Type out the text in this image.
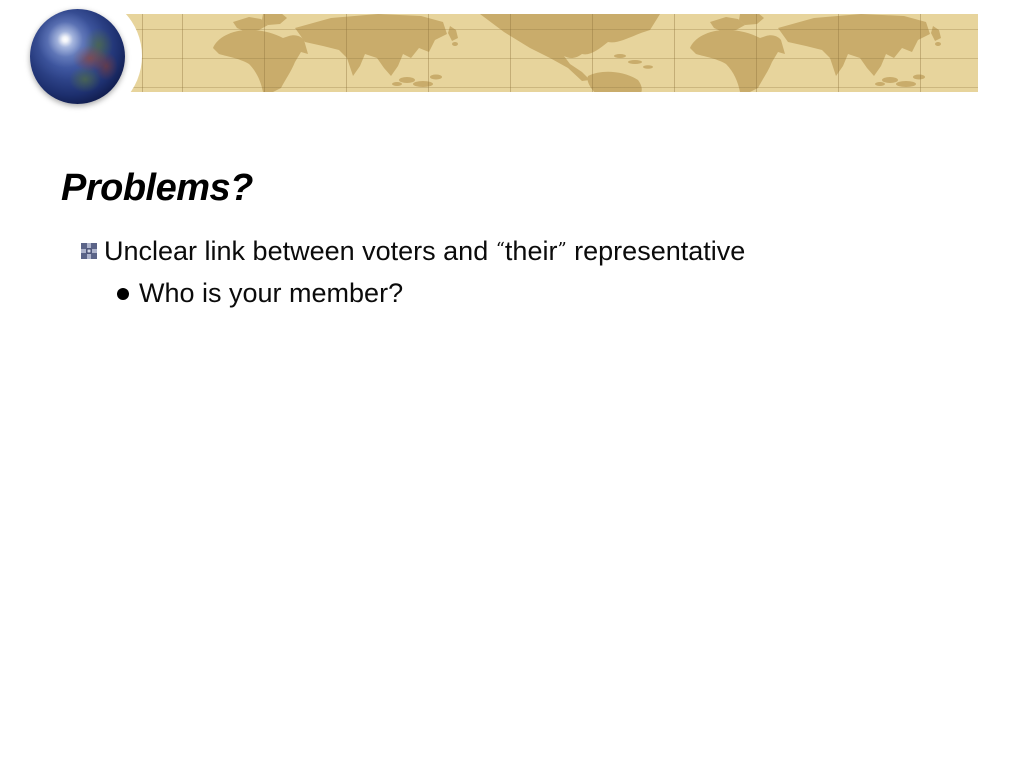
Problems?
Unclear link between voters and “their” representative
Who is your member?
